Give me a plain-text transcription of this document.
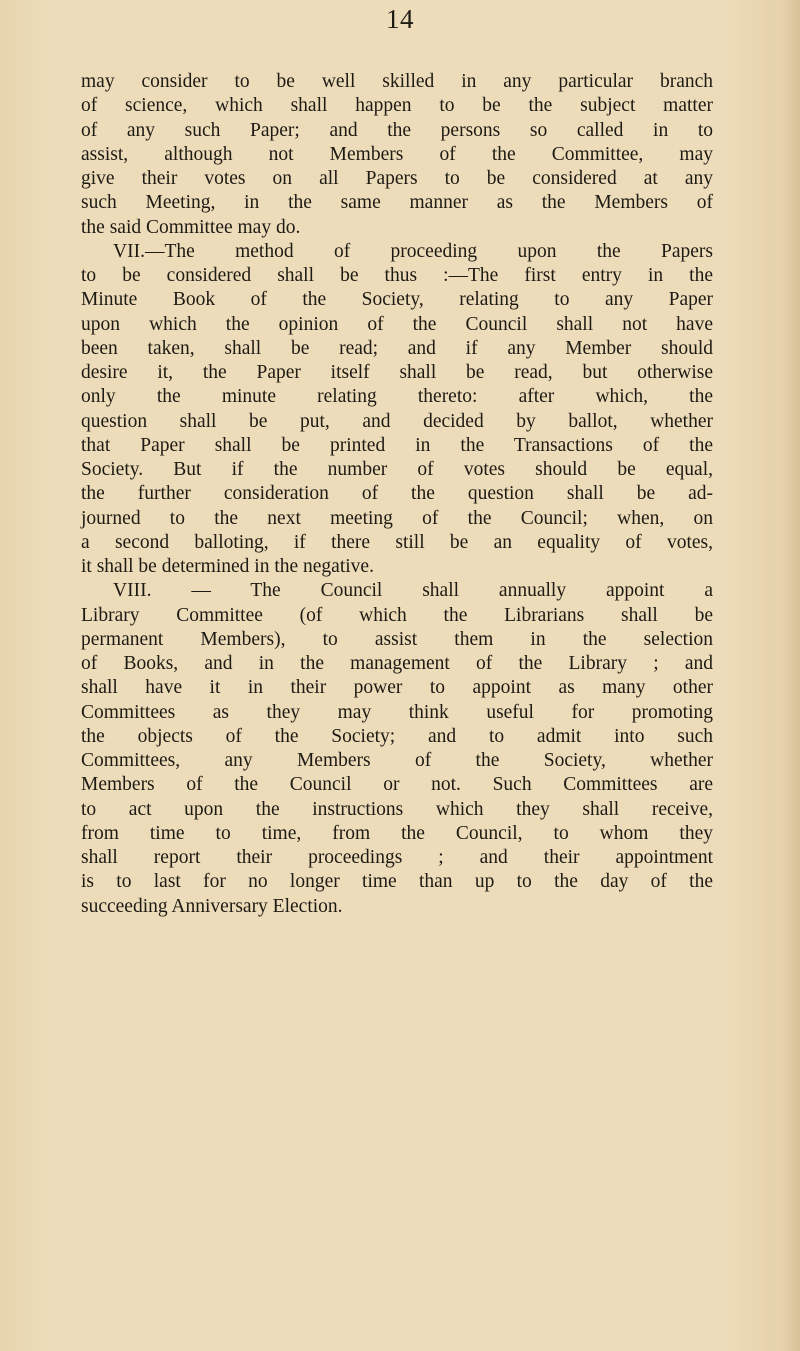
14
may consider to be well skilled in any particular branch
of science, which shall happen to be the subject matter
of any such Paper; and the persons so called in to
assist, although not Members of the Committee, may
give their votes on all Papers to be considered at any
such Meeting, in the same manner as the Members of
the said Committee may do.
VII.—The method of proceeding upon the Papers
to be considered shall be thus :—The first entry in the
Minute Book of the Society, relating to any Paper
upon which the opinion of the Council shall not have
been taken, shall be read; and if any Member should
desire it, the Paper itself shall be read, but otherwise
only the minute relating thereto: after which, the
question shall be put, and decided by ballot, whether
that Paper shall be printed in the Transactions of the
Society. But if the number of votes should be equal,
the further consideration of the question shall be ad-
journed to the next meeting of the Council; when, on
a second balloting, if there still be an equality of votes,
it shall be determined in the negative.
VIII. — The Council shall annually appoint a
Library Committee (of which the Librarians shall be
permanent Members), to assist them in the selection
of Books, and in the management of the Library ; and
shall have it in their power to appoint as many other
Committees as they may think useful for promoting
the objects of the Society; and to admit into such
Committees, any Members of the Society, whether
Members of the Council or not. Such Committees are
to act upon the instructions which they shall receive,
from time to time, from the Council, to whom they
shall report their proceedings ; and their appointment
is to last for no longer time than up to the day of the
succeeding Anniversary Election.
